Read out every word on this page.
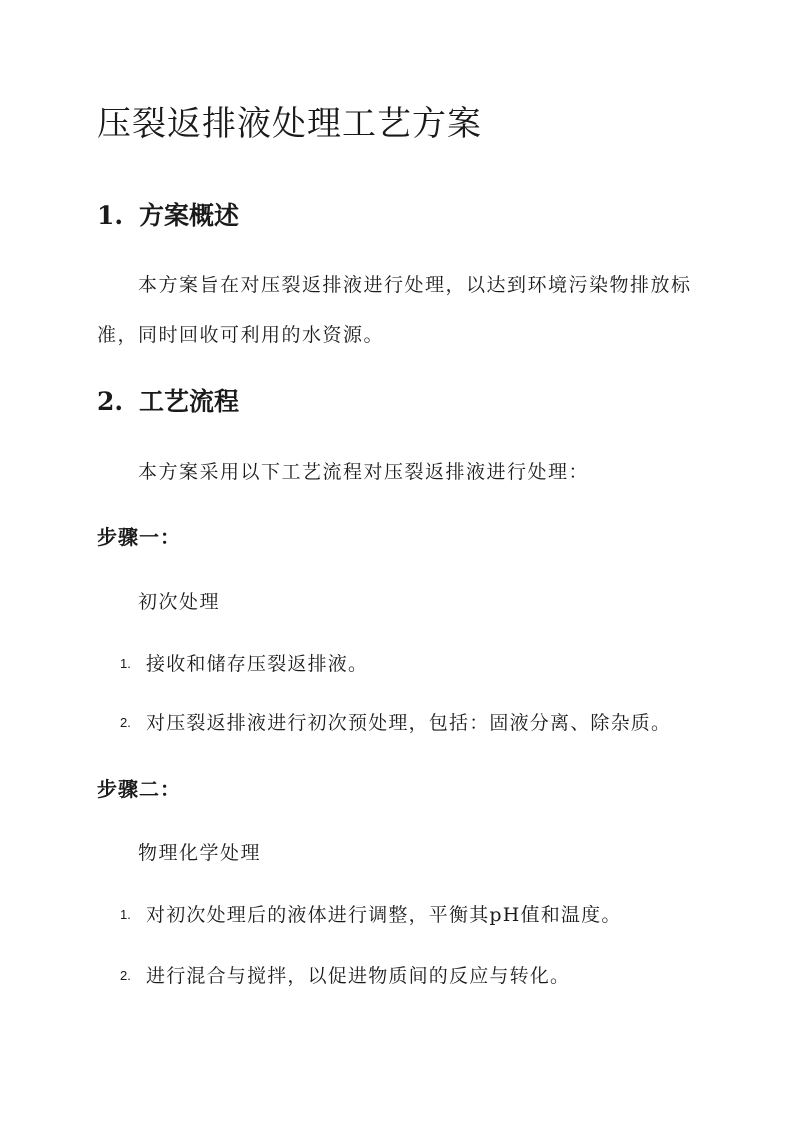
压裂返排液处理工艺方案
1. 方案概述

本方案旨在对压裂返排液进行处理，以达到环境污染物排放标

准，同时回收可利用的水资源。

2. 工艺流程

本方案采用以下工艺流程对压裂返排液进行处理：

步骤一：

初次处理

1. 接收和储存压裂返排液。

2. 对压裂返排液进行初次预处理，包括：固液分离、除杂质。

步骤二：

物理化学处理

1. 对初次处理后的液体进行调整，平衡其pH值和温度。

2. 进行混合与搅拌，以促进物质间的反应与转化。
